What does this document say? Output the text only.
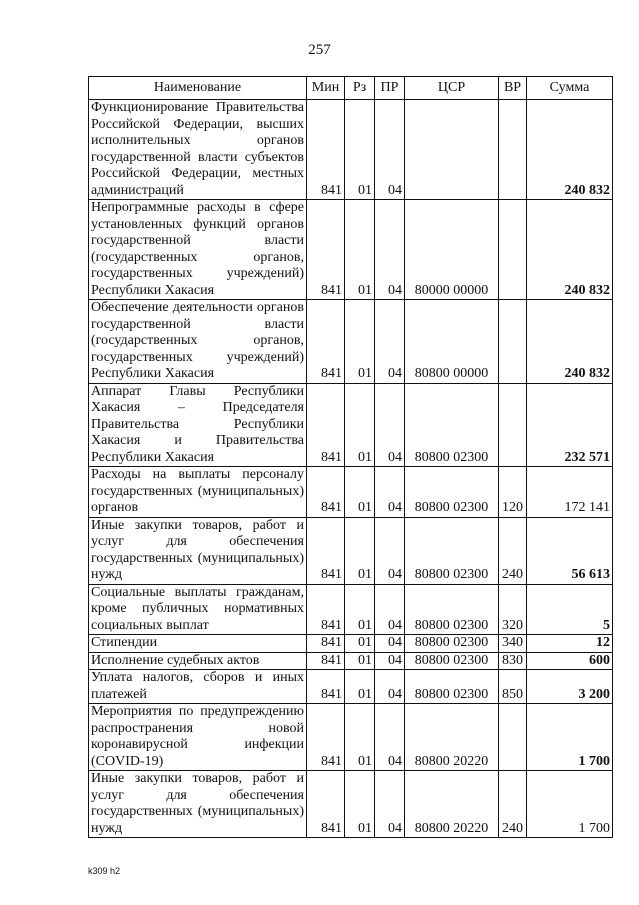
257
Наименование	Мин	Рз	ПР	ЦСР	ВР	Сумма
Функционирование Правительства Российской Федерации, высших исполнительных органов государственной власти субъектов Российской Федерации, местных администраций	841	01	04			240 832
Непрограммные расходы в сфере установленных функций органов государственной власти (государственных органов, государственных учреждений) Республики Хакасия	841	01	04	80000 00000		240 832
Обеспечение деятельности органов государственной власти (государственных органов, государственных учреждений) Республики Хакасия	841	01	04	80800 00000		240 832
Аппарат Главы Республики Хакасия – Председателя Правительства Республики Хакасия и Правительства Республики Хакасия	841	01	04	80800 02300		232 571
Расходы на выплаты персоналу государственных (муниципальных) органов	841	01	04	80800 02300	120	172 141
Иные закупки товаров, работ и услуг для обеспечения государственных (муниципальных) нужд	841	01	04	80800 02300	240	56 613
Социальные выплаты гражданам, кроме публичных нормативных социальных выплат	841	01	04	80800 02300	320	5
Стипендии	841	01	04	80800 02300	340	12
Исполнение судебных актов	841	01	04	80800 02300	830	600
Уплата налогов, сборов и иных платежей	841	01	04	80800 02300	850	3 200
Мероприятия по предупреждению распространения новой коронавирусной инфекции (COVID-19)	841	01	04	80800 20220		1 700
Иные закупки товаров, работ и услуг для обеспечения государственных (муниципальных) нужд	841	01	04	80800 20220	240	1 700
k309 h2
